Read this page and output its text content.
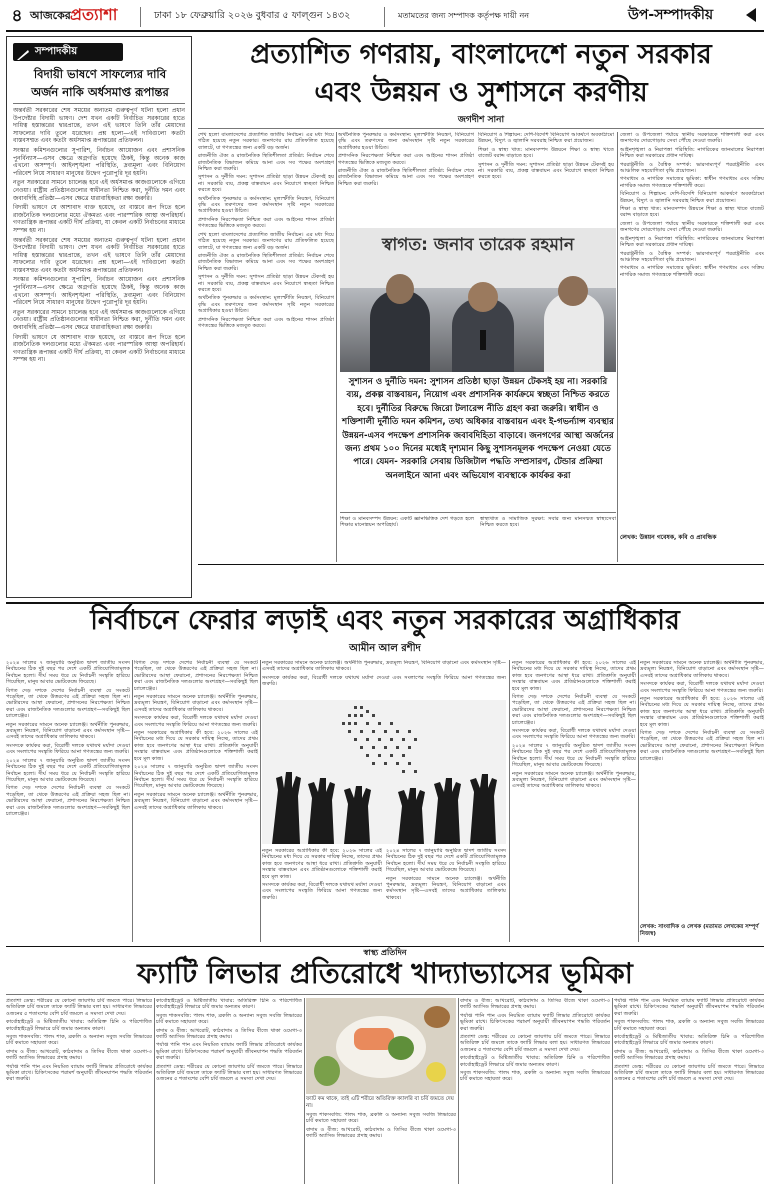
৪ আজকের প্রত্যাশা	ঢাকা ১৮ ফেব্রুয়ারি ২০২৬ বুধবার ৫ ফাল্গুন ১৪৩২	মতামতের জন্য সম্পাদক কর্তৃপক্ষ দায়ী নন	উপ-সম্পাদকীয়
সম্পাদকীয়
বিদায়ী ভাষণে সাফল্যের দাবি
অর্জন নাকি অর্ধসমাপ্ত রূপান্তর

অন্তর্বর্তী সরকারের শেষ সময়ের অন্যতম গুরুত্বপূর্ণ ঘটনা হলো প্রধান উপদেষ্টার বিদায়ী ভাষণ। দেশ যখন একটি নির্বাচিত সরকারের হাতে দায়িত্ব হস্তান্তরের দ্বারপ্রান্তে, তখন এই ভাষণে তিনি তাঁর মেয়াদের সাফল্যের দাবি তুলে ধরেছেন। প্রশ্ন হলো—এই দাবিগুলো কতটা বাস্তবসম্মত এবং কতটা অর্ধসমাপ্ত রূপান্তরের প্রতিফলন।

সংস্কার কমিশনগুলোর সুপারিশ, নির্বাচন আয়োজন এবং প্রশাসনিক পুনর্বিন্যাস—এসব ক্ষেত্রে অগ্রগতি হয়েছে ঠিকই, কিন্তু অনেক কাজ এখনো অসম্পূর্ণ। আইনশৃঙ্খলা পরিস্থিতি, দ্রব্যমূল্য এবং বিনিয়োগ পরিবেশ নিয়ে সাধারণ মানুষের উদ্বেগ পুরোপুরি দূর হয়নি।

নতুন সরকারের সামনে চ্যালেঞ্জ হবে এই অর্ধসমাপ্ত কাজগুলোকে এগিয়ে নেওয়া। রাষ্ট্রীয় প্রতিষ্ঠানগুলোর স্বাধীনতা নিশ্চিত করা, দুর্নীতি দমন এবং জবাবদিহি প্রতিষ্ঠা—এসব ক্ষেত্রে ধারাবাহিকতা রক্ষা জরুরি।

বিদায়ী ভাষণে যে আশাবাদ ব্যক্ত হয়েছে, তা বাস্তবে রূপ দিতে হলে রাজনৈতিক দলগুলোর মধ্যে ঐকমত্য এবং পারস্পরিক আস্থা অপরিহার্য। গণতান্ত্রিক রূপান্তর একটি দীর্ঘ প্রক্রিয়া, যা কেবল একটি নির্বাচনের মাধ্যমে সম্পন্ন হয় না।

অন্তর্বর্তী সরকারের শেষ সময়ের অন্যতম গুরুত্বপূর্ণ ঘটনা হলো প্রধান উপদেষ্টার বিদায়ী ভাষণ। দেশ যখন একটি নির্বাচিত সরকারের হাতে দায়িত্ব হস্তান্তরের দ্বারপ্রান্তে, তখন এই ভাষণে তিনি তাঁর মেয়াদের সাফল্যের দাবি তুলে ধরেছেন। প্রশ্ন হলো—এই দাবিগুলো কতটা বাস্তবসম্মত এবং কতটা অর্ধসমাপ্ত রূপান্তরের প্রতিফলন।

সংস্কার কমিশনগুলোর সুপারিশ, নির্বাচন আয়োজন এবং প্রশাসনিক পুনর্বিন্যাস—এসব ক্ষেত্রে অগ্রগতি হয়েছে ঠিকই, কিন্তু অনেক কাজ এখনো অসম্পূর্ণ। আইনশৃঙ্খলা পরিস্থিতি, দ্রব্যমূল্য এবং বিনিয়োগ পরিবেশ নিয়ে সাধারণ মানুষের উদ্বেগ পুরোপুরি দূর হয়নি।

নতুন সরকারের সামনে চ্যালেঞ্জ হবে এই অর্ধসমাপ্ত কাজগুলোকে এগিয়ে নেওয়া। রাষ্ট্রীয় প্রতিষ্ঠানগুলোর স্বাধীনতা নিশ্চিত করা, দুর্নীতি দমন এবং জবাবদিহি প্রতিষ্ঠা—এসব ক্ষেত্রে ধারাবাহিকতা রক্ষা জরুরি।

বিদায়ী ভাষণে যে আশাবাদ ব্যক্ত হয়েছে, তা বাস্তবে রূপ দিতে হলে রাজনৈতিক দলগুলোর মধ্যে ঐকমত্য এবং পারস্পরিক আস্থা অপরিহার্য। গণতান্ত্রিক রূপান্তর একটি দীর্ঘ প্রক্রিয়া, যা কেবল একটি নির্বাচনের মাধ্যমে সম্পন্ন হয় না।

প্রত্যাশিত গণরায়, বাংলাদেশে নতুন সরকার
এবং উন্নয়ন ও সুশাসনে করণীয়
জগদীশ সানা

শেখ হলো বাংলাদেশের প্রত্যাশিত জাতীয় নির্বাচন। এর মধ্য দিয়ে গঠিত হয়েছে নতুন সরকার। জনগণের রায় প্রতিফলিত হয়েছে ব্যালটে, যা গণতন্ত্রের জন্য একটি বড় অর্জন।

রাজনীতি ঐক্য ও রাজনৈতিক স্থিতিশীলতা প্রতিষ্ঠা: নির্বাচন শেষে রাজনৈতিক বিভাজন কমিয়ে আনা এবং সব পক্ষের অংশগ্রহণ নিশ্চিত করা জরুরি।

সুশাসন ও দুর্নীতি দমন: সুশাসন প্রতিষ্ঠা ছাড়া উন্নয়ন টেকসই হয় না। সরকারি ব্যয়, প্রকল্প বাস্তবায়ন এবং নিয়োগে স্বচ্ছতা নিশ্চিত করতে হবে।

অর্থনৈতিক পুনরুদ্ধার ও কর্মসংস্থান: মূল্যস্ফীতি নিয়ন্ত্রণ, বিনিয়োগ বৃদ্ধি এবং তরুণদের জন্য কর্মসংস্থান সৃষ্টি নতুন সরকারের অগ্রাধিকার হওয়া উচিত।

প্রশাসনিক নিরপেক্ষতা নিশ্চিত করা এবং আইনের শাসন প্রতিষ্ঠা গণতন্ত্রের ভিত্তিকে মজবুত করবে।

শেখ হলো বাংলাদেশের প্রত্যাশিত জাতীয় নির্বাচন। এর মধ্য দিয়ে গঠিত হয়েছে নতুন সরকার। জনগণের রায় প্রতিফলিত হয়েছে ব্যালটে, যা গণতন্ত্রের জন্য একটি বড় অর্জন।

রাজনীতি ঐক্য ও রাজনৈতিক স্থিতিশীলতা প্রতিষ্ঠা: নির্বাচন শেষে রাজনৈতিক বিভাজন কমিয়ে আনা এবং সব পক্ষের অংশগ্রহণ নিশ্চিত করা জরুরি।

সুশাসন ও দুর্নীতি দমন: সুশাসন প্রতিষ্ঠা ছাড়া উন্নয়ন টেকসই হয় না। সরকারি ব্যয়, প্রকল্প বাস্তবায়ন এবং নিয়োগে স্বচ্ছতা নিশ্চিত করতে হবে।

অর্থনৈতিক পুনরুদ্ধার ও কর্মসংস্থান: মূল্যস্ফীতি নিয়ন্ত্রণ, বিনিয়োগ বৃদ্ধি এবং তরুণদের জন্য কর্মসংস্থান সৃষ্টি নতুন সরকারের অগ্রাধিকার হওয়া উচিত।

প্রশাসনিক নিরপেক্ষতা নিশ্চিত করা এবং আইনের শাসন প্রতিষ্ঠা গণতন্ত্রের ভিত্তিকে মজবুত করবে।

অর্থনৈতিক পুনরুদ্ধার ও কর্মসংস্থান: মূল্যস্ফীতি নিয়ন্ত্রণ, বিনিয়োগ বৃদ্ধি এবং তরুণদের জন্য কর্মসংস্থান সৃষ্টি নতুন সরকারের অগ্রাধিকার হওয়া উচিত।

প্রশাসনিক নিরপেক্ষতা নিশ্চিত করা এবং আইনের শাসন প্রতিষ্ঠা গণতন্ত্রের ভিত্তিকে মজবুত করবে।

রাজনীতি ঐক্য ও রাজনৈতিক স্থিতিশীলতা প্রতিষ্ঠা: নির্বাচন শেষে রাজনৈতিক বিভাজন কমিয়ে আনা এবং সব পক্ষের অংশগ্রহণ নিশ্চিত করা জরুরি।

বিনিয়োগ ও শিল্পায়ন: দেশি-বিদেশি বিনিয়োগ আকর্ষণে অবকাঠামো উন্নয়ন, বিদ্যুৎ ও জ্বালানি সরবরাহ নিশ্চিত করা প্রয়োজন।

শিক্ষা ও স্বাস্থ্য খাত: মানবসম্পদ উন্নয়নে শিক্ষা ও স্বাস্থ্য খাতে বাজেট বরাদ্দ বাড়াতে হবে।

সুশাসন ও দুর্নীতি দমন: সুশাসন প্রতিষ্ঠা ছাড়া উন্নয়ন টেকসই হয় না। সরকারি ব্যয়, প্রকল্প বাস্তবায়ন এবং নিয়োগে স্বচ্ছতা নিশ্চিত করতে হবে।

জেলা ও উপজেলা পর্যায়ে স্থানীয় সরকারকে শক্তিশালী করা এবং জনগণের দোরগোড়ায় সেবা পৌঁছে দেওয়া জরুরি।

আইনশৃঙ্খলা ও নিরাপত্তা পরিস্থিতি: নাগরিকের জানমালের নিরাপত্তা নিশ্চিত করা সরকারের প্রধান দায়িত্ব।

পররাষ্ট্রনীতি ও বৈশ্বিক সম্পর্ক: ভারসাম্যপূর্ণ পররাষ্ট্রনীতি এবং আঞ্চলিক সহযোগিতা বৃদ্ধি প্রয়োজন।

গণমাধ্যম ও নাগরিক সমাজের ভূমিকা: স্বাধীন গণমাধ্যম এবং সক্রিয় নাগরিক সমাজ গণতন্ত্রকে শক্তিশালী করে।

বিনিয়োগ ও শিল্পায়ন: দেশি-বিদেশি বিনিয়োগ আকর্ষণে অবকাঠামো উন্নয়ন, বিদ্যুৎ ও জ্বালানি সরবরাহ নিশ্চিত করা প্রয়োজন।

শিক্ষা ও স্বাস্থ্য খাত: মানবসম্পদ উন্নয়নে শিক্ষা ও স্বাস্থ্য খাতে বাজেট বরাদ্দ বাড়াতে হবে।

জেলা ও উপজেলা পর্যায়ে স্থানীয় সরকারকে শক্তিশালী করা এবং জনগণের দোরগোড়ায় সেবা পৌঁছে দেওয়া জরুরি।

আইনশৃঙ্খলা ও নিরাপত্তা পরিস্থিতি: নাগরিকের জানমালের নিরাপত্তা নিশ্চিত করা সরকারের প্রধান দায়িত্ব।

পররাষ্ট্রনীতি ও বৈশ্বিক সম্পর্ক: ভারসাম্যপূর্ণ পররাষ্ট্রনীতি এবং আঞ্চলিক সহযোগিতা বৃদ্ধি প্রয়োজন।

গণমাধ্যম ও নাগরিক সমাজের ভূমিকা: স্বাধীন গণমাধ্যম এবং সক্রিয় নাগরিক সমাজ গণতন্ত্রকে শক্তিশালী করে।

লেখক: উন্নয়ন গবেষক, কবি ও প্রাবন্ধিক
স্বাগত: জনাব তারেক রহমান
সুশাসন ও দুর্নীতি দমন: সুশাসন প্রতিষ্ঠা ছাড়া উন্নয়ন টেকসই হয় না। সরকারি ব্যয়, প্রকল্প বাস্তবায়ন, নিয়োগ এবং প্রশাসনিক কার্যক্রমে স্বচ্ছতা নিশ্চিত করতে হবে। দুর্নীতির বিরুদ্ধে জিরো টলারেন্স নীতি গ্রহণ করা জরুরি। স্বাধীন ও শক্তিশালী দুর্নীতি দমন কমিশন, তথ্য অধিকার বাস্তবায়ন এবং ই-গভর্ন্যান্স ব্যবস্থার উন্নয়ন-এসব পদক্ষেপ প্রশাসনিক জবাবদিহিতা বাড়াবে। জনগণের আস্থা অর্জনের জন্য প্রথম ১০০ দিনের মধ্যেই দৃশ্যমান কিছু সুশাসনমূলক পদক্ষেপ নেওয়া যেতে পারে। যেমন- সরকারি সেবায় ডিজিটাল পদ্ধতি সম্প্রসারণ, টেন্ডার প্রক্রিয়া অনলাইনে আনা এবং অভিযোগ ব্যবস্থাকে কার্যকর করা

শিক্ষা ও মানবসম্পদ উন্নয়ন: একটি জ্ঞানভিত্তিক দেশ গড়তে হলে শিক্ষার মানোন্নয়ন অপরিহার্য।

স্বাস্থ্যখাত ও সামাজিক সুরক্ষা: সবার জন্য মানসম্মত স্বাস্থ্যসেবা নিশ্চিত করতে হবে।

নির্বাচনে ফেরার লড়াই এবং নতুন সরকারের অগ্রাধিকার
আমীন আল রশীদ

২০২৪ সালের ৭ জানুয়ারি অনুষ্ঠিত দ্বাদশ জাতীয় সংসদ নির্বাচনের ঠিক দুই বছর পর দেশে একটি প্রতিযোগিতামূলক নির্বাচন হলো। দীর্ঘ সময় ধরে যে নির্বাচনী সংস্কৃতি হারিয়ে গিয়েছিল, মানুষ আবার ভোটকেন্দ্রে ফিরেছে।

বিগত দেড় দশকে দেশের নির্বাচনী ব্যবস্থা যে সংকটে পড়েছিল, তা থেকে উত্তরণের এই প্রক্রিয়া সহজ ছিল না। ভোটারদের আস্থা ফেরানো, প্রশাসনের নিরপেক্ষতা নিশ্চিত করা এবং রাজনৈতিক দলগুলোর অংশগ্রহণ—সবকিছুই ছিল চ্যালেঞ্জের।

নতুন সরকারের সামনে অনেক চ্যালেঞ্জ। অর্থনীতি পুনরুদ্ধার, দ্রব্যমূল্য নিয়ন্ত্রণ, বিনিয়োগ বাড়ানো এবং কর্মসংস্থান সৃষ্টি—এসবই তাদের অগ্রাধিকার তালিকায় থাকবে।

সংসদকে কার্যকর করা, বিরোধী দলকে যথাযথ মর্যাদা দেওয়া এবং সংলাপের সংস্কৃতি ফিরিয়ে আনা গণতন্ত্রের জন্য জরুরি।

২০২৪ সালের ৭ জানুয়ারি অনুষ্ঠিত দ্বাদশ জাতীয় সংসদ নির্বাচনের ঠিক দুই বছর পর দেশে একটি প্রতিযোগিতামূলক নির্বাচন হলো। দীর্ঘ সময় ধরে যে নির্বাচনী সংস্কৃতি হারিয়ে গিয়েছিল, মানুষ আবার ভোটকেন্দ্রে ফিরেছে।

বিগত দেড় দশকে দেশের নির্বাচনী ব্যবস্থা যে সংকটে পড়েছিল, তা থেকে উত্তরণের এই প্রক্রিয়া সহজ ছিল না। ভোটারদের আস্থা ফেরানো, প্রশাসনের নিরপেক্ষতা নিশ্চিত করা এবং রাজনৈতিক দলগুলোর অংশগ্রহণ—সবকিছুই ছিল চ্যালেঞ্জের।

বিগত দেড় দশকে দেশের নির্বাচনী ব্যবস্থা যে সংকটে পড়েছিল, তা থেকে উত্তরণের এই প্রক্রিয়া সহজ ছিল না। ভোটারদের আস্থা ফেরানো, প্রশাসনের নিরপেক্ষতা নিশ্চিত করা এবং রাজনৈতিক দলগুলোর অংশগ্রহণ—সবকিছুই ছিল চ্যালেঞ্জের।

নতুন সরকারের সামনে অনেক চ্যালেঞ্জ। অর্থনীতি পুনরুদ্ধার, দ্রব্যমূল্য নিয়ন্ত্রণ, বিনিয়োগ বাড়ানো এবং কর্মসংস্থান সৃষ্টি—এসবই তাদের অগ্রাধিকার তালিকায় থাকবে।

সংসদকে কার্যকর করা, বিরোধী দলকে যথাযথ মর্যাদা দেওয়া এবং সংলাপের সংস্কৃতি ফিরিয়ে আনা গণতন্ত্রের জন্য জরুরি।

নতুন সরকারের অগ্রাধিকার কী হবে: ২০২৬ সালের এই নির্বাচনের মধ্য দিয়ে যে সরকার দায়িত্ব নিচ্ছে, তাদের প্রথম কাজ হবে জনগণের আস্থা ধরে রাখা। প্রতিশ্রুতি অনুযায়ী সংস্কার বাস্তবায়ন এবং প্রতিষ্ঠানগুলোকে শক্তিশালী করাই হবে মূল কাজ।

২০২৪ সালের ৭ জানুয়ারি অনুষ্ঠিত দ্বাদশ জাতীয় সংসদ নির্বাচনের ঠিক দুই বছর পর দেশে একটি প্রতিযোগিতামূলক নির্বাচন হলো। দীর্ঘ সময় ধরে যে নির্বাচনী সংস্কৃতি হারিয়ে গিয়েছিল, মানুষ আবার ভোটকেন্দ্রে ফিরেছে।

নতুন সরকারের সামনে অনেক চ্যালেঞ্জ। অর্থনীতি পুনরুদ্ধার, দ্রব্যমূল্য নিয়ন্ত্রণ, বিনিয়োগ বাড়ানো এবং কর্মসংস্থান সৃষ্টি—এসবই তাদের অগ্রাধিকার তালিকায় থাকবে।

নতুন সরকারের সামনে অনেক চ্যালেঞ্জ। অর্থনীতি পুনরুদ্ধার, দ্রব্যমূল্য নিয়ন্ত্রণ, বিনিয়োগ বাড়ানো এবং কর্মসংস্থান সৃষ্টি—এসবই তাদের অগ্রাধিকার তালিকায় থাকবে।

সংসদকে কার্যকর করা, বিরোধী দলকে যথাযথ মর্যাদা দেওয়া এবং সংলাপের সংস্কৃতি ফিরিয়ে আনা গণতন্ত্রের জন্য জরুরি।

নতুন সরকারের অগ্রাধিকার কী হবে: ২০২৬ সালের এই নির্বাচনের মধ্য দিয়ে যে সরকার দায়িত্ব নিচ্ছে, তাদের প্রথম কাজ হবে জনগণের আস্থা ধরে রাখা। প্রতিশ্রুতি অনুযায়ী সংস্কার বাস্তবায়ন এবং প্রতিষ্ঠানগুলোকে শক্তিশালী করাই হবে মূল কাজ।

সংসদকে কার্যকর করা, বিরোধী দলকে যথাযথ মর্যাদা দেওয়া এবং সংলাপের সংস্কৃতি ফিরিয়ে আনা গণতন্ত্রের জন্য জরুরি।

২০২৪ সালের ৭ জানুয়ারি অনুষ্ঠিত দ্বাদশ জাতীয় সংসদ নির্বাচনের ঠিক দুই বছর পর দেশে একটি প্রতিযোগিতামূলক নির্বাচন হলো। দীর্ঘ সময় ধরে যে নির্বাচনী সংস্কৃতি হারিয়ে গিয়েছিল, মানুষ আবার ভোটকেন্দ্রে ফিরেছে।

নতুন সরকারের সামনে অনেক চ্যালেঞ্জ। অর্থনীতি পুনরুদ্ধার, দ্রব্যমূল্য নিয়ন্ত্রণ, বিনিয়োগ বাড়ানো এবং কর্মসংস্থান সৃষ্টি—এসবই তাদের অগ্রাধিকার তালিকায় থাকবে।

নতুন সরকারের অগ্রাধিকার কী হবে: ২০২৬ সালের এই নির্বাচনের মধ্য দিয়ে যে সরকার দায়িত্ব নিচ্ছে, তাদের প্রথম কাজ হবে জনগণের আস্থা ধরে রাখা। প্রতিশ্রুতি অনুযায়ী সংস্কার বাস্তবায়ন এবং প্রতিষ্ঠানগুলোকে শক্তিশালী করাই হবে মূল কাজ।

বিগত দেড় দশকে দেশের নির্বাচনী ব্যবস্থা যে সংকটে পড়েছিল, তা থেকে উত্তরণের এই প্রক্রিয়া সহজ ছিল না। ভোটারদের আস্থা ফেরানো, প্রশাসনের নিরপেক্ষতা নিশ্চিত করা এবং রাজনৈতিক দলগুলোর অংশগ্রহণ—সবকিছুই ছিল চ্যালেঞ্জের।

সংসদকে কার্যকর করা, বিরোধী দলকে যথাযথ মর্যাদা দেওয়া এবং সংলাপের সংস্কৃতি ফিরিয়ে আনা গণতন্ত্রের জন্য জরুরি।

২০২৪ সালের ৭ জানুয়ারি অনুষ্ঠিত দ্বাদশ জাতীয় সংসদ নির্বাচনের ঠিক দুই বছর পর দেশে একটি প্রতিযোগিতামূলক নির্বাচন হলো। দীর্ঘ সময় ধরে যে নির্বাচনী সংস্কৃতি হারিয়ে গিয়েছিল, মানুষ আবার ভোটকেন্দ্রে ফিরেছে।

নতুন সরকারের সামনে অনেক চ্যালেঞ্জ। অর্থনীতি পুনরুদ্ধার, দ্রব্যমূল্য নিয়ন্ত্রণ, বিনিয়োগ বাড়ানো এবং কর্মসংস্থান সৃষ্টি—এসবই তাদের অগ্রাধিকার তালিকায় থাকবে।

নতুন সরকারের সামনে অনেক চ্যালেঞ্জ। অর্থনীতি পুনরুদ্ধার, দ্রব্যমূল্য নিয়ন্ত্রণ, বিনিয়োগ বাড়ানো এবং কর্মসংস্থান সৃষ্টি—এসবই তাদের অগ্রাধিকার তালিকায় থাকবে।

সংসদকে কার্যকর করা, বিরোধী দলকে যথাযথ মর্যাদা দেওয়া এবং সংলাপের সংস্কৃতি ফিরিয়ে আনা গণতন্ত্রের জন্য জরুরি।

নতুন সরকারের অগ্রাধিকার কী হবে: ২০২৬ সালের এই নির্বাচনের মধ্য দিয়ে যে সরকার দায়িত্ব নিচ্ছে, তাদের প্রথম কাজ হবে জনগণের আস্থা ধরে রাখা। প্রতিশ্রুতি অনুযায়ী সংস্কার বাস্তবায়ন এবং প্রতিষ্ঠানগুলোকে শক্তিশালী করাই হবে মূল কাজ।

বিগত দেড় দশকে দেশের নির্বাচনী ব্যবস্থা যে সংকটে পড়েছিল, তা থেকে উত্তরণের এই প্রক্রিয়া সহজ ছিল না। ভোটারদের আস্থা ফেরানো, প্রশাসনের নিরপেক্ষতা নিশ্চিত করা এবং রাজনৈতিক দলগুলোর অংশগ্রহণ—সবকিছুই ছিল চ্যালেঞ্জের।

লেখক: সাংবাদিক ও লেখক (মতামত লেখকের সম্পূর্ণ নিজস্ব)
স্বাস্থ্য প্রতিদিন
ফ্যাটি লিভার প্রতিরোধে খাদ্যাভ্যাসের ভূমিকা

প্রত্যাশা ডেস্ক: শরীরের যে কোনো জায়গায় চর্বি জমতে পারে। লিভারে অতিরিক্ত চর্বি জমলে তাকে ফ্যাটি লিভার বলা হয়। সাধারণত লিভারের ওজনের ৫ শতাংশের বেশি চর্বি জমলে এ সমস্যা দেখা দেয়।

কার্বোহাইড্রেট ও মিষ্টিজাতীয় খাবার: অতিরিক্ত চিনি ও পরিশোধিত কার্বোহাইড্রেট লিভারে চর্বি জমার অন্যতম কারণ।

সবুজ শাকসবজি: পালং শাক, ব্রকলি ও অন্যান্য সবুজ সবজি লিভারের চর্বি কমাতে সহায়তা করে।

বাদাম ও বীজ: আখরোট, কাঠবাদাম ও তিসির বীজে থাকা ওমেগা-৩ ফ্যাটি অ্যাসিড লিভারের প্রদাহ কমায়।

পর্যাপ্ত পানি পান এবং নিয়মিত ব্যায়াম ফ্যাটি লিভার প্রতিরোধে কার্যকর ভূমিকা রাখে। চিকিৎসকের পরামর্শ অনুযায়ী জীবনযাপন পদ্ধতি পরিবর্তন করা জরুরি।

কার্বোহাইড্রেট ও মিষ্টিজাতীয় খাবার: অতিরিক্ত চিনি ও পরিশোধিত কার্বোহাইড্রেট লিভারে চর্বি জমার অন্যতম কারণ।

সবুজ শাকসবজি: পালং শাক, ব্রকলি ও অন্যান্য সবুজ সবজি লিভারের চর্বি কমাতে সহায়তা করে।

বাদাম ও বীজ: আখরোট, কাঠবাদাম ও তিসির বীজে থাকা ওমেগা-৩ ফ্যাটি অ্যাসিড লিভারের প্রদাহ কমায়।

পর্যাপ্ত পানি পান এবং নিয়মিত ব্যায়াম ফ্যাটি লিভার প্রতিরোধে কার্যকর ভূমিকা রাখে। চিকিৎসকের পরামর্শ অনুযায়ী জীবনযাপন পদ্ধতি পরিবর্তন করা জরুরি।

প্রত্যাশা ডেস্ক: শরীরের যে কোনো জায়গায় চর্বি জমতে পারে। লিভারে অতিরিক্ত চর্বি জমলে তাকে ফ্যাটি লিভার বলা হয়। সাধারণত লিভারের ওজনের ৫ শতাংশের বেশি চর্বি জমলে এ সমস্যা দেখা দেয়।

ফ্যাট কম থাকে, তাই এটি শরীরে অতিরিক্ত ক্যালরি বা চর্বি জমতে দেয় না।

সবুজ শাকসবজি: পালং শাক, ব্রকলি ও অন্যান্য সবুজ সবজি লিভারের চর্বি কমাতে সহায়তা করে।

বাদাম ও বীজ: আখরোট, কাঠবাদাম ও তিসির বীজে থাকা ওমেগা-৩ ফ্যাটি অ্যাসিড লিভারের প্রদাহ কমায়।

বাদাম ও বীজ: আখরোট, কাঠবাদাম ও তিসির বীজে থাকা ওমেগা-৩ ফ্যাটি অ্যাসিড লিভারের প্রদাহ কমায়।

পর্যাপ্ত পানি পান এবং নিয়মিত ব্যায়াম ফ্যাটি লিভার প্রতিরোধে কার্যকর ভূমিকা রাখে। চিকিৎসকের পরামর্শ অনুযায়ী জীবনযাপন পদ্ধতি পরিবর্তন করা জরুরি।

প্রত্যাশা ডেস্ক: শরীরের যে কোনো জায়গায় চর্বি জমতে পারে। লিভারে অতিরিক্ত চর্বি জমলে তাকে ফ্যাটি লিভার বলা হয়। সাধারণত লিভারের ওজনের ৫ শতাংশের বেশি চর্বি জমলে এ সমস্যা দেখা দেয়।

কার্বোহাইড্রেট ও মিষ্টিজাতীয় খাবার: অতিরিক্ত চিনি ও পরিশোধিত কার্বোহাইড্রেট লিভারে চর্বি জমার অন্যতম কারণ।

সবুজ শাকসবজি: পালং শাক, ব্রকলি ও অন্যান্য সবুজ সবজি লিভারের চর্বি কমাতে সহায়তা করে।

পর্যাপ্ত পানি পান এবং নিয়মিত ব্যায়াম ফ্যাটি লিভার প্রতিরোধে কার্যকর ভূমিকা রাখে। চিকিৎসকের পরামর্শ অনুযায়ী জীবনযাপন পদ্ধতি পরিবর্তন করা জরুরি।

সবুজ শাকসবজি: পালং শাক, ব্রকলি ও অন্যান্য সবুজ সবজি লিভারের চর্বি কমাতে সহায়তা করে।

কার্বোহাইড্রেট ও মিষ্টিজাতীয় খাবার: অতিরিক্ত চিনি ও পরিশোধিত কার্বোহাইড্রেট লিভারে চর্বি জমার অন্যতম কারণ।

বাদাম ও বীজ: আখরোট, কাঠবাদাম ও তিসির বীজে থাকা ওমেগা-৩ ফ্যাটি অ্যাসিড লিভারের প্রদাহ কমায়।

প্রত্যাশা ডেস্ক: শরীরের যে কোনো জায়গায় চর্বি জমতে পারে। লিভারে অতিরিক্ত চর্বি জমলে তাকে ফ্যাটি লিভার বলা হয়। সাধারণত লিভারের ওজনের ৫ শতাংশের বেশি চর্বি জমলে এ সমস্যা দেখা দেয়।
